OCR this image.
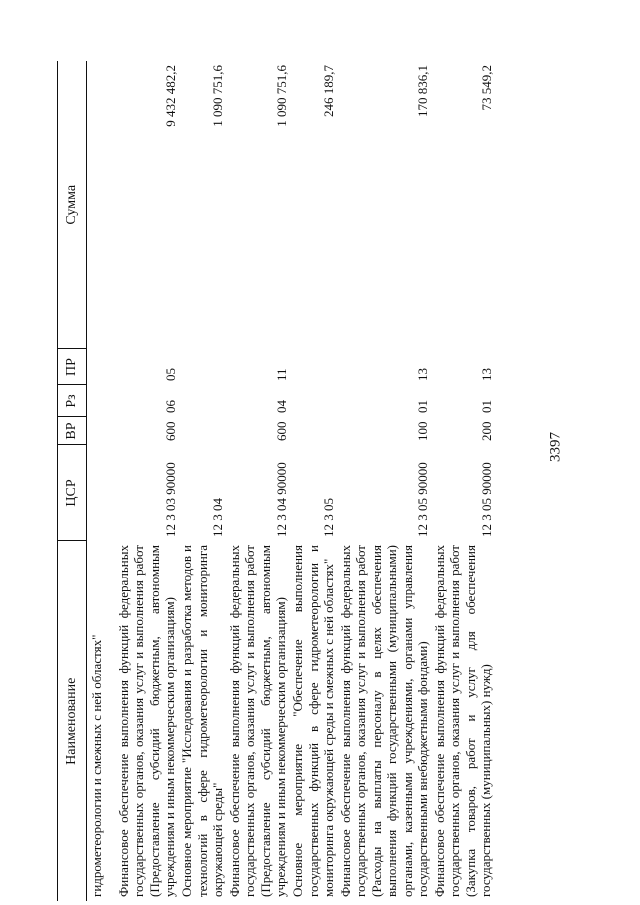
3397
Наименование	ЦСР	ВР	Рз	ПР	Сумма
гидрометеорологии и смежных с ней областях"					
Финансовое обеспечение выполнения функций федеральных государственных органов, оказания услуг и выполнения работ (Предоставление субсидий бюджетным, автономным учреждениям и иным некоммерческим организациям)	12 3 03 90000	600	06	05	9 432 482,2
Основное мероприятие "Исследования и разработка методов и технологий в сфере гидрометеорологии и мониторинга окружающей среды"	12 3 04				1 090 751,6
Финансовое обеспечение выполнения функций федеральных государственных органов, оказания услуг и выполнения работ (Предоставление субсидий бюджетным, автономным учреждениям и иным некоммерческим организациям)	12 3 04 90000	600	04	11	1 090 751,6
Основное мероприятие "Обеспечение выполнения государственных функций в сфере гидрометеорологии и мониторинга окружающей среды и смежных с ней областях"	12 3 05				246 189,7
Финансовое обеспечение выполнения функций федеральных государственных органов, оказания услуг и выполнения работ (Расходы на выплаты персоналу в целях обеспечения выполнения функций государственными (муниципальными) органами, казенными учреждениями, органами управления государственными внебюджетными фондами)	12 3 05 90000	100	01	13	170 836,1
Финансовое обеспечение выполнения функций федеральных государственных органов, оказания услуг и выполнения работ (Закупка товаров, работ и услуг для обеспечения государственных (муниципальных) нужд)	12 3 05 90000	200	01	13	73 549,2
